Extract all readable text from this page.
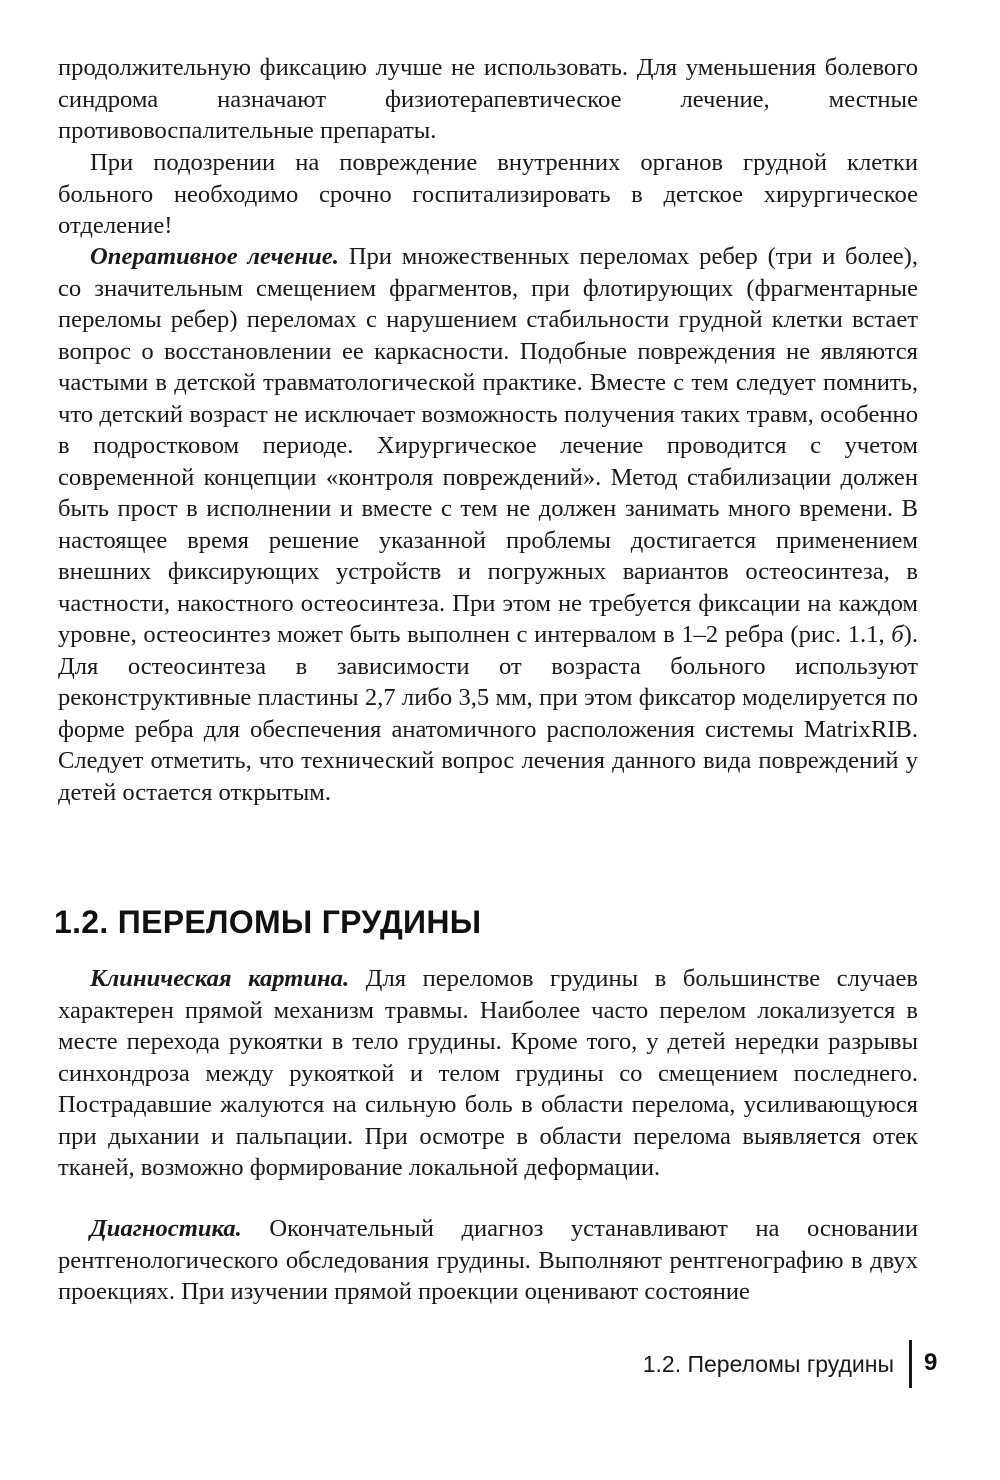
продолжительную фиксацию лучше не использовать. Для уменьшения болевого синдрома назначают физиотерапевтическое лечение, местные противовоспалительные препараты.

При подозрении на повреждение внутренних органов грудной клетки больного необходимо срочно госпитализировать в детское хирургическое отделение!

Оперативное лечение. При множественных переломах ребер (три и более), со значительным смещением фрагментов, при флотирующих (фрагментарные переломы ребер) переломах с нарушением стабильности грудной клетки встает вопрос о восстановлении ее каркасности. Подобные повреждения не являются частыми в детской травматологической практике. Вместе с тем следует помнить, что детский возраст не исключает возможность получения таких травм, особенно в подростковом периоде. Хирургическое лечение проводится с учетом современной концепции «контроля повреждений». Метод стабилизации должен быть прост в исполнении и вместе с тем не должен занимать много времени. В настоящее время решение указанной проблемы достигается применением внешних фиксирующих устройств и погружных вариантов остеосинтеза, в частности, накостного остеосинтеза. При этом не требуется фиксации на каждом уровне, остеосинтез может быть выполнен с интервалом в 1–2 ребра (рис. 1.1, б). Для остеосинтеза в зависимости от возраста больного используют реконструктивные пластины 2,7 либо 3,5 мм, при этом фиксатор моделируется по форме ребра для обеспечения анатомичного расположения системы MatrixRIB. Следует отметить, что технический вопрос лечения данного вида повреждений у детей остается открытым.

1.2. ПЕРЕЛОМЫ ГРУДИНЫ

Клиническая картина. Для переломов грудины в большинстве случаев характерен прямой механизм травмы. Наиболее часто перелом локализуется в месте перехода рукоятки в тело грудины. Кроме того, у детей нередки разрывы синхондроза между рукояткой и телом грудины со смещением последнего. Пострадавшие жалуются на сильную боль в области перелома, усиливающуюся при дыхании и пальпации. При осмотре в области перелома выявляется отек тканей, возможно формирование локальной деформации.

Диагностика. Окончательный диагноз устанавливают на основании рентгенологического обследования грудины. Выполняют рентгенографию в двух проекциях. При изучении прямой проекции оценивают состояние

1.2. Переломы грудины 9
